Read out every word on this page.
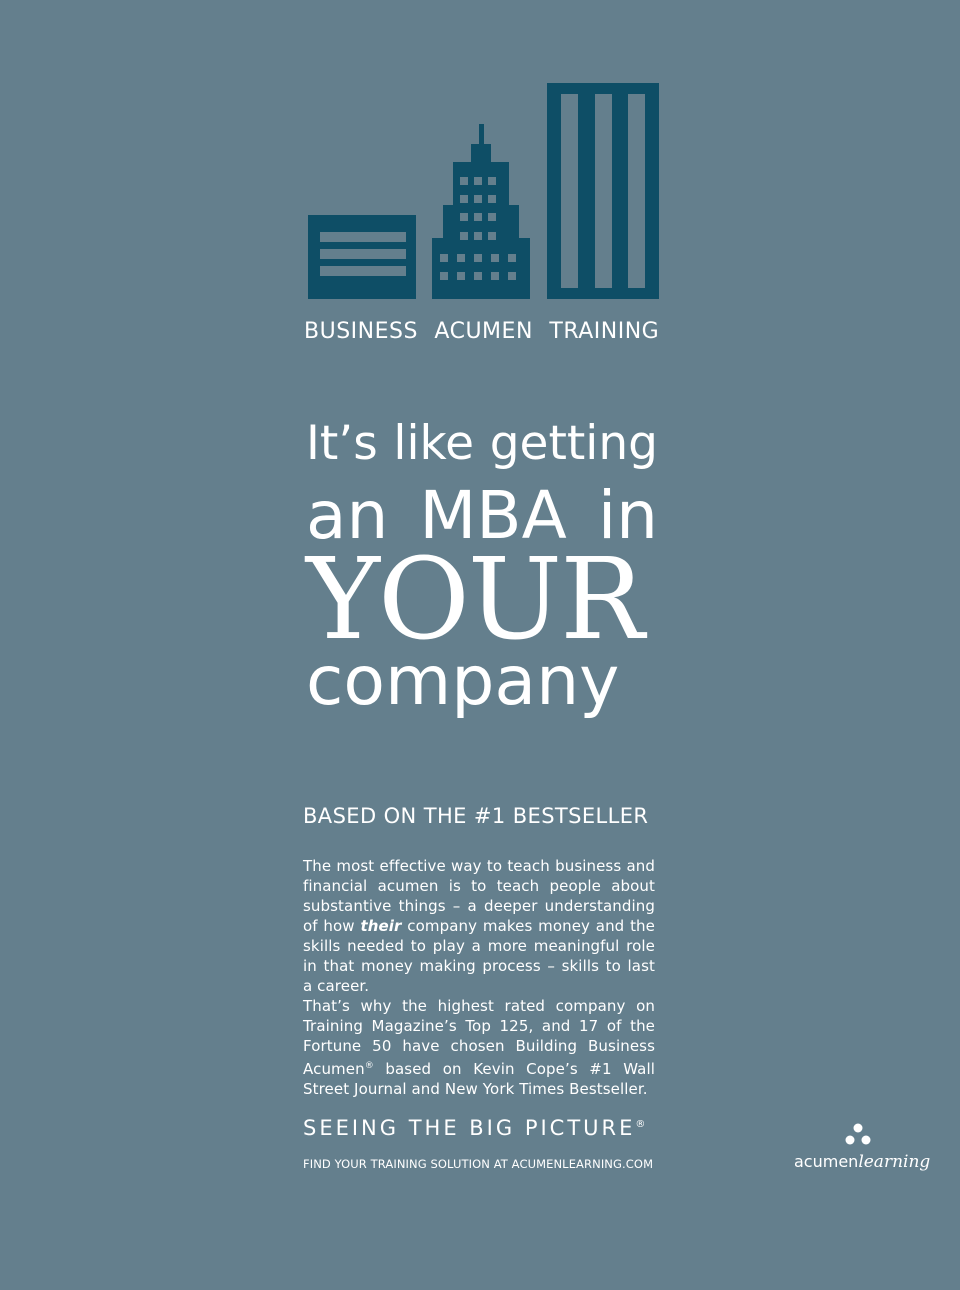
BUSINESS ACUMEN TRAINING
It’s like getting
an MBA in
YOUR
company
BASED ON THE #1 BESTSELLER
The most effective way to teach business and financial acumen is to teach people about substantive things – a deeper understanding of how their company makes money and the skills needed to play a more meaningful role in that money making process – skills to last a career.
That’s why the highest rated company on Training Magazine’s Top 125, and 17 of the Fortune 50 have chosen Building Business Acumen® based on Kevin Cope’s #1 Wall Street Journal and New York Times Bestseller.
SEEING THE BIG PICTURE®
FIND YOUR TRAINING SOLUTION AT ACUMENLEARNING.COM	acumenlearning
